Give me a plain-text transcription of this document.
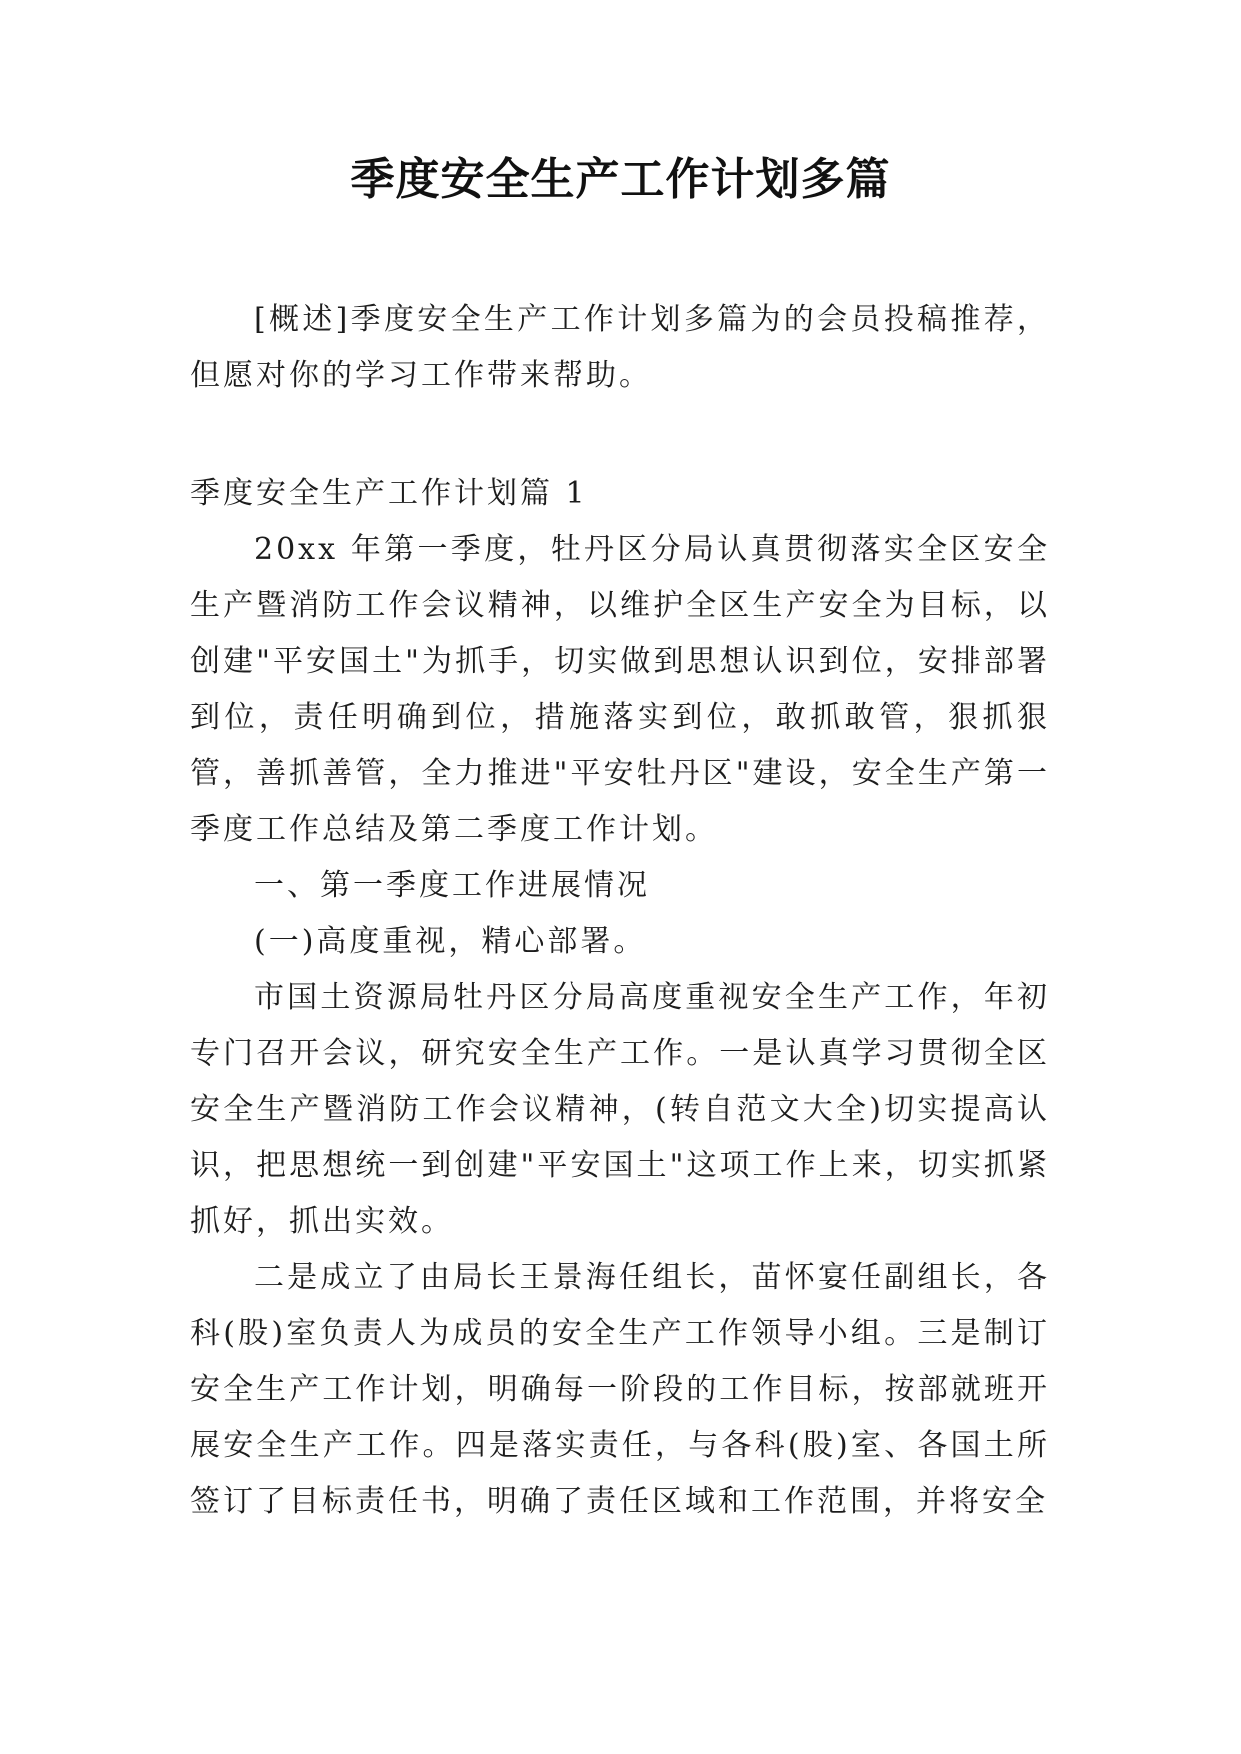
季度安全生产工作计划多篇

[概述]季度安全生产工作计划多篇为的会员投稿推荐，但愿对你的学习工作带来帮助。

季度安全生产工作计划篇 1

20xx 年第一季度，牡丹区分局认真贯彻落实全区安全生产暨消防工作会议精神，以维护全区生产安全为目标，以创建"平安国土"为抓手，切实做到思想认识到位，安排部署到位，责任明确到位，措施落实到位，敢抓敢管，狠抓狠管，善抓善管，全力推进"平安牡丹区"建设，安全生产第一季度工作总结及第二季度工作计划。

一、第一季度工作进展情况

(一)高度重视，精心部署。

市国土资源局牡丹区分局高度重视安全生产工作，年初专门召开会议，研究安全生产工作。一是认真学习贯彻全区安全生产暨消防工作会议精神，(转自范文大全)切实提高认识，把思想统一到创建"平安国土"这项工作上来，切实抓紧抓好，抓出实效。

二是成立了由局长王景海任组长，苗怀宴任副组长，各科(股)室负责人为成员的安全生产工作领导小组。三是制订安全生产工作计划，明确每一阶段的工作目标，按部就班开展安全生产工作。四是落实责任，与各科(股)室、各国土所签订了目标责任书，明确了责任区域和工作范围，并将安全
